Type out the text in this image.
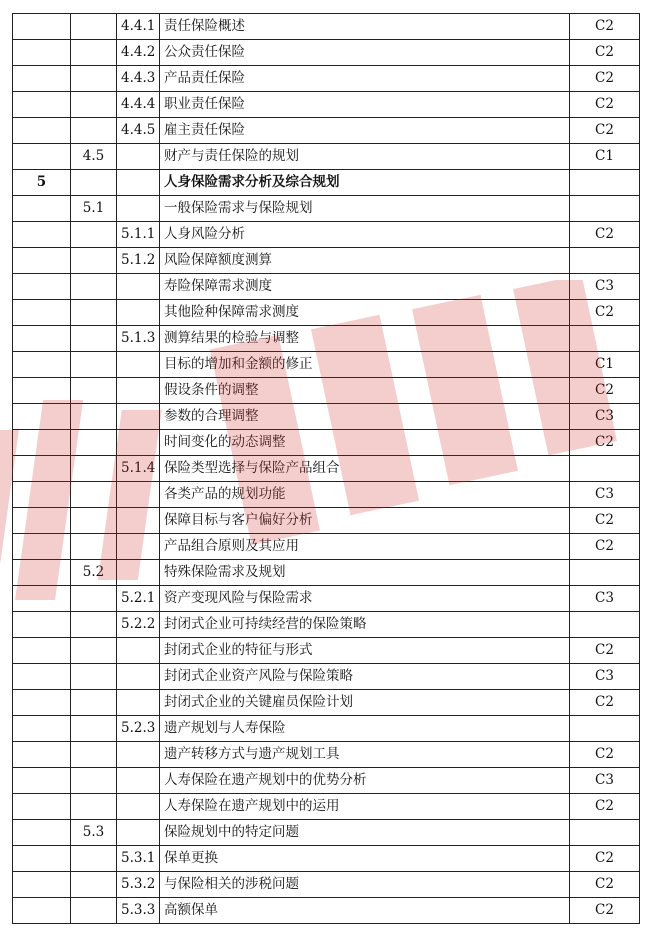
		4.4.1	责任保险概述	C2
		4.4.2	公众责任保险	C2
		4.4.3	产品责任保险	C2
		4.4.4	职业责任保险	C2
		4.4.5	雇主责任保险	C2
	4.5		财产与责任保险的规划	C1
5			人身保险需求分析及综合规划	
	5.1		一般保险需求与保险规划	
		5.1.1	人身风险分析	C2
		5.1.2	风险保障额度测算	
			寿险保障需求测度	C3
			其他险种保障需求测度	C2
		5.1.3	测算结果的检验与调整	
			目标的增加和金额的修正	C1
			假设条件的调整	C2
			参数的合理调整	C3
			时间变化的动态调整	C2
		5.1.4	保险类型选择与保险产品组合	
			各类产品的规划功能	C3
			保障目标与客户偏好分析	C2
			产品组合原则及其应用	C2
	5.2		特殊保险需求及规划	
		5.2.1	资产变现风险与保险需求	C3
		5.2.2	封闭式企业可持续经营的保险策略	
			封闭式企业的特征与形式	C2
			封闭式企业资产风险与保险策略	C3
			封闭式企业的关键雇员保险计划	C2
		5.2.3	遗产规划与人寿保险	
			遗产转移方式与遗产规划工具	C2
			人寿保险在遗产规划中的优势分析	C3
			人寿保险在遗产规划中的运用	C2
	5.3		保险规划中的特定问题	
		5.3.1	保单更换	C2
		5.3.2	与保险相关的涉税问题	C2
		5.3.3	高额保单	C2
